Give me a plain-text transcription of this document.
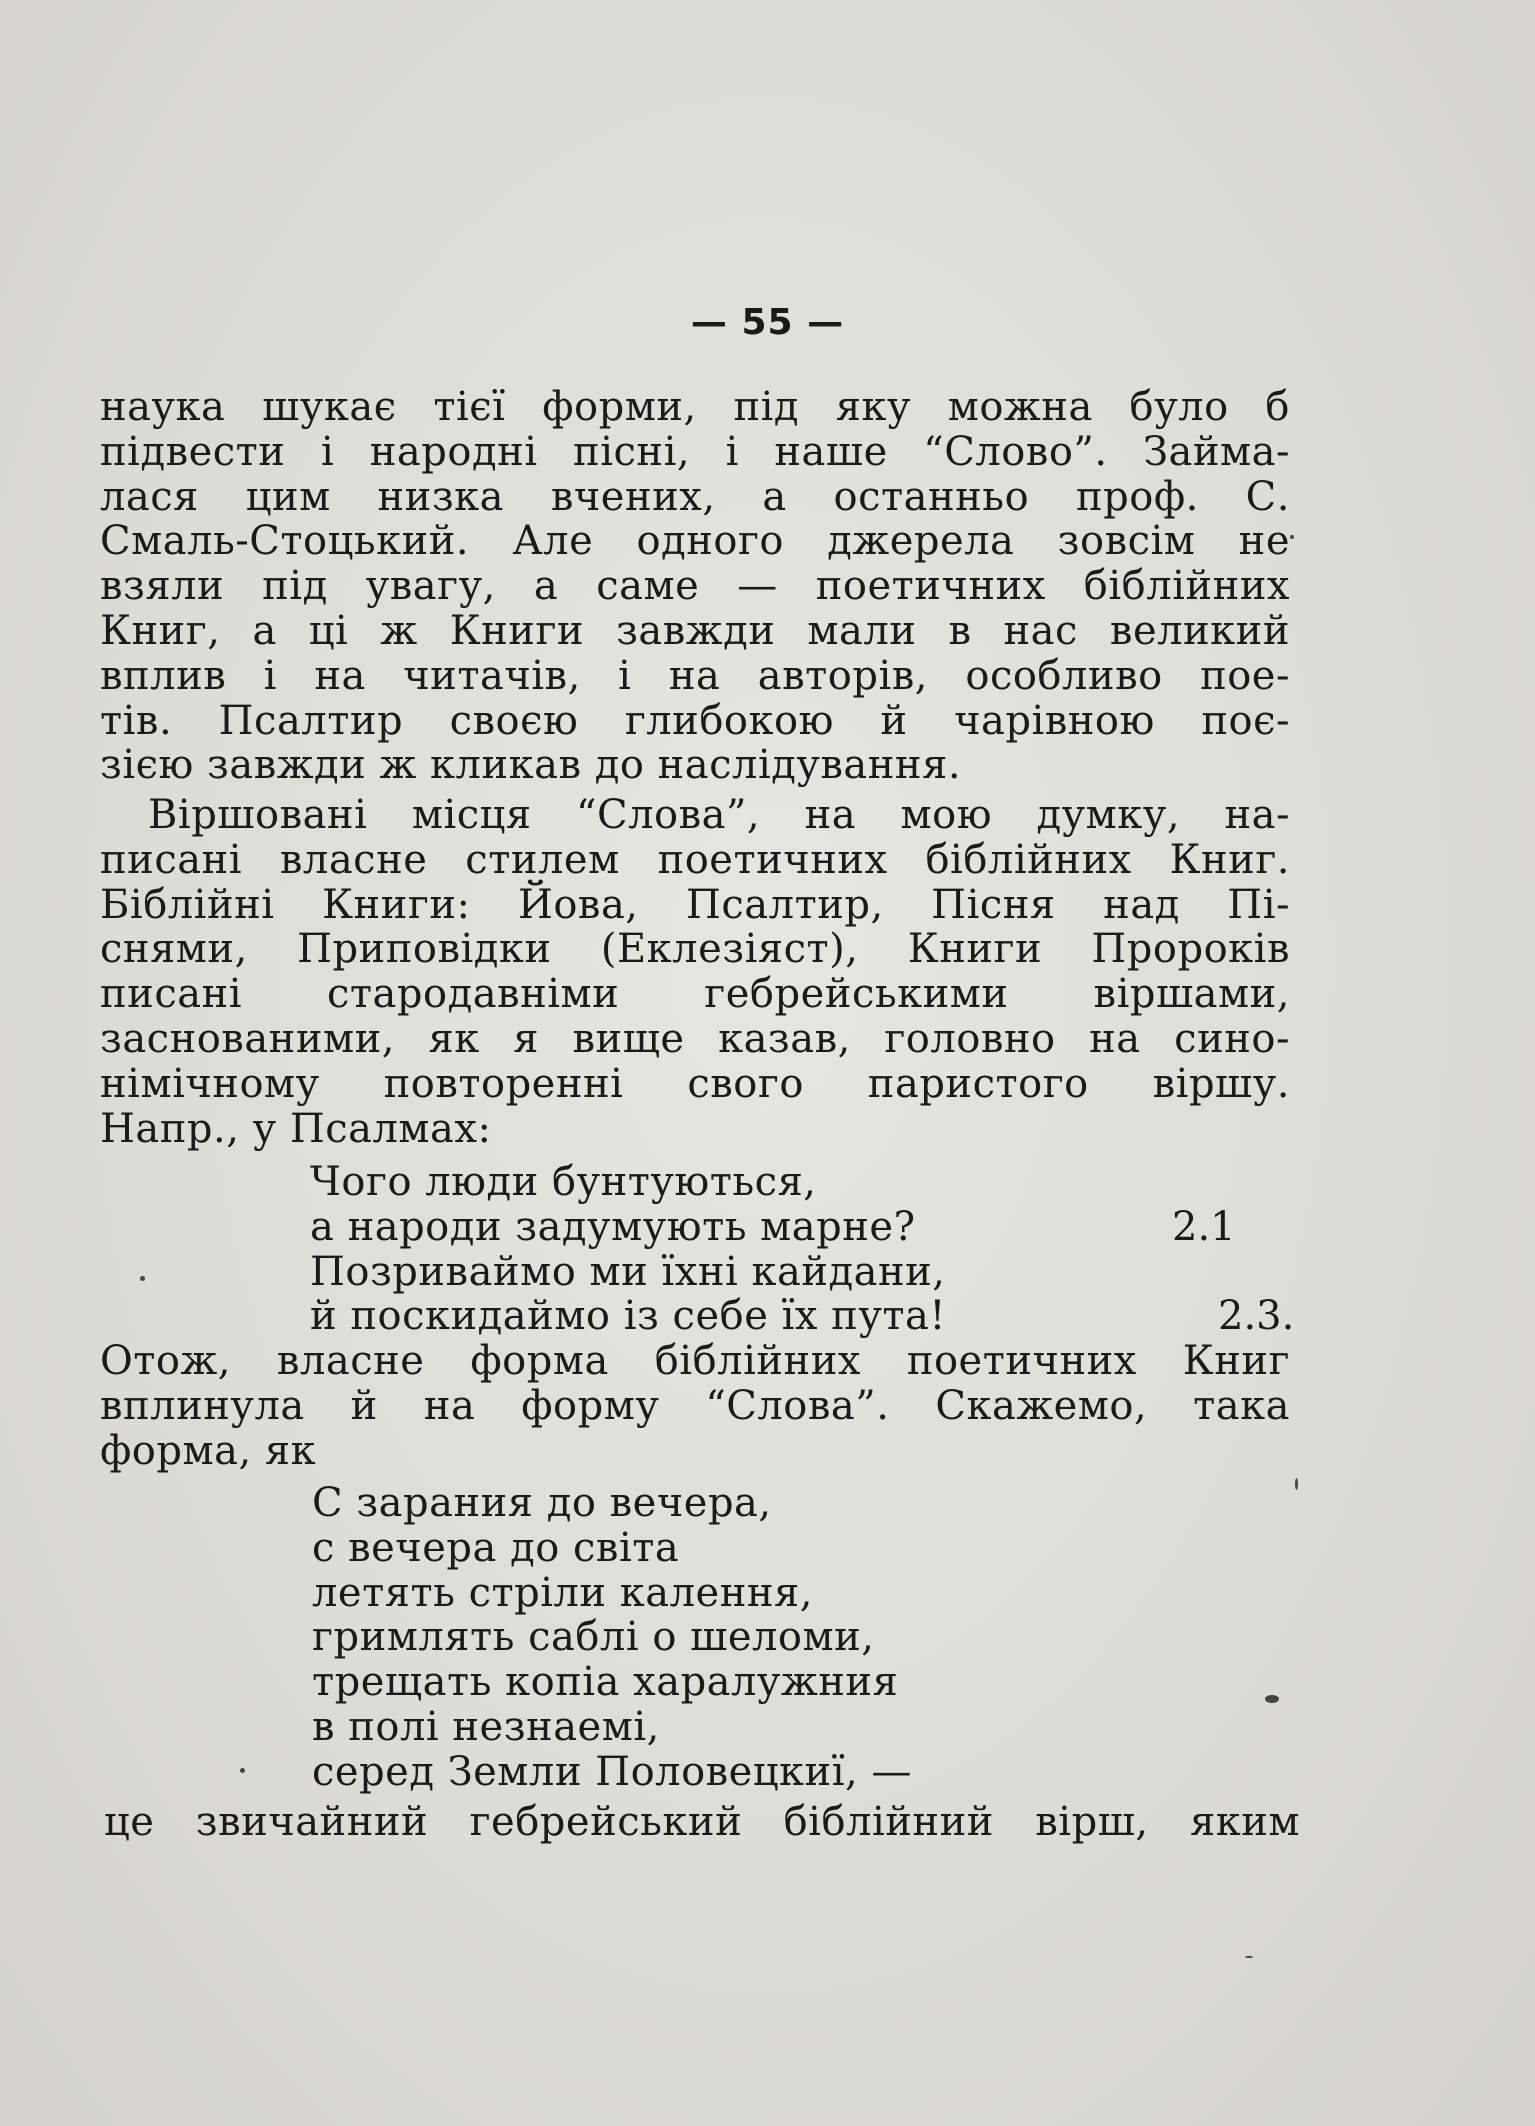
— 55 —
наука шукає тієї форми, під яку можна було б
підвести і народні пісні, і наше “Слово”. Займа-
лася цим низка вчених, а останньо проф. С.
Смаль-Стоцький. Але одного джерела зовсім не
взяли під увагу, а саме — поетичних біблійних
Книг, а ці ж Книги завжди мали в нас великий
вплив і на читачів, і на авторів, особливо пое-
тів. Псалтир своєю глибокою й чарівною поє-
зією завжди ж кликав до наслідування.
Віршовані місця “Слова”, на мою думку, на-
писані власне стилем поетичних біблійних Книг.
Біблійні Книги: Йова, Псалтир, Пісня над Пі-
снями, Приповідки (Еклезіяст), Книги Пророків
писані стародавніми гебрейськими віршами,
заснованими, як я вище казав, головно на сино-
німічному повторенні свого паристого віршу.
Напр., у Псалмах:
Чого люди бунтуються,
а народи задумують марне?
Позриваймо ми їхні кайдани,
й поскидаймо із себе їх пута!
2.1
2.3.
Отож, власне форма біблійних поетичних Книг
вплинула й на форму “Слова”. Скажемо, така
форма, як
С зарания до вечера,
с вечера до світа
летять стріли калення,
гримлять саблі о шеломи,
трещать копіа харалужния
в полі незнаемі,
серед Земли Половецкиї, —
це звичайний гебрейський біблійний вірш, яким
